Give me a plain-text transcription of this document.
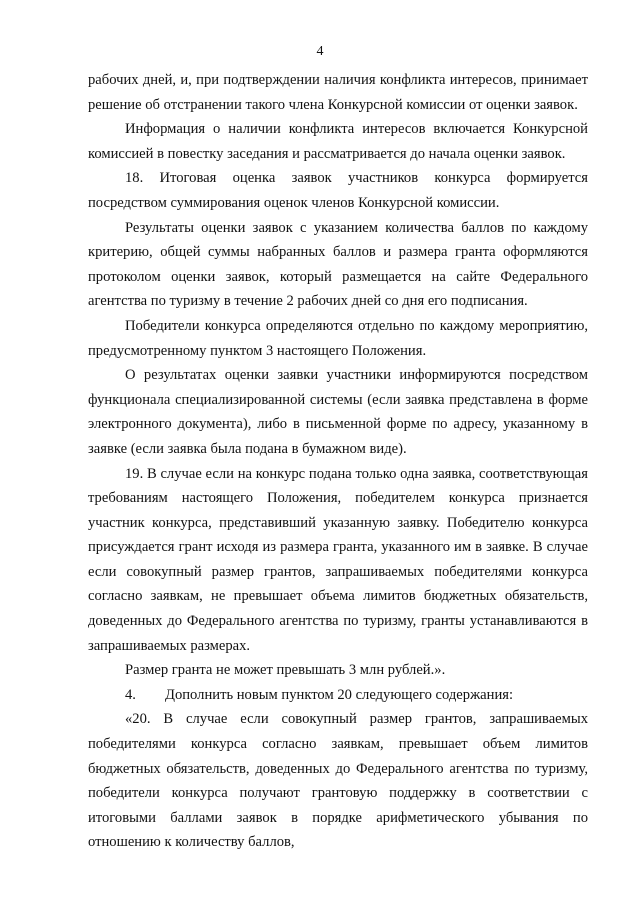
4

рабочих дней, и, при подтверждении наличия конфликта интересов, принимает решение об отстранении такого члена Конкурсной комиссии от оценки заявок.

Информация о наличии конфликта интересов включается Конкурсной комиссией в повестку заседания и рассматривается до начала оценки заявок.

18. Итоговая оценка заявок участников конкурса формируется посредством суммирования оценок членов Конкурсной комиссии.

Результаты оценки заявок с указанием количества баллов по каждому критерию, общей суммы набранных баллов и размера гранта оформляются протоколом оценки заявок, который размещается на сайте Федерального агентства по туризму в течение 2 рабочих дней со дня его подписания.

Победители конкурса определяются отдельно по каждому мероприятию, предусмотренному пунктом 3 настоящего Положения.

О результатах оценки заявки участники информируются посредством функционала специализированной системы (если заявка представлена в форме электронного документа), либо в письменной форме по адресу, указанному в заявке (если заявка была подана в бумажном виде).

19. В случае если на конкурс подана только одна заявка, соответствующая требованиям настоящего Положения, победителем конкурса признается участник конкурса, представивший указанную заявку. Победителю конкурса присуждается грант исходя из размера гранта, указанного им в заявке. В случае если совокупный размер грантов, запрашиваемых победителями конкурса согласно заявкам, не превышает объема лимитов бюджетных обязательств, доведенных до Федерального агентства по туризму, гранты устанавливаются в запрашиваемых размерах.

Размер гранта не может превышать 3 млн рублей.».

4. Дополнить новым пунктом 20 следующего содержания:

«20. В случае если совокупный размер грантов, запрашиваемых победителями конкурса согласно заявкам, превышает объем лимитов бюджетных обязательств, доведенных до Федерального агентства по туризму, победители конкурса получают грантовую поддержку в соответствии с итоговыми баллами заявок в порядке арифметического убывания по отношению к количеству баллов,
